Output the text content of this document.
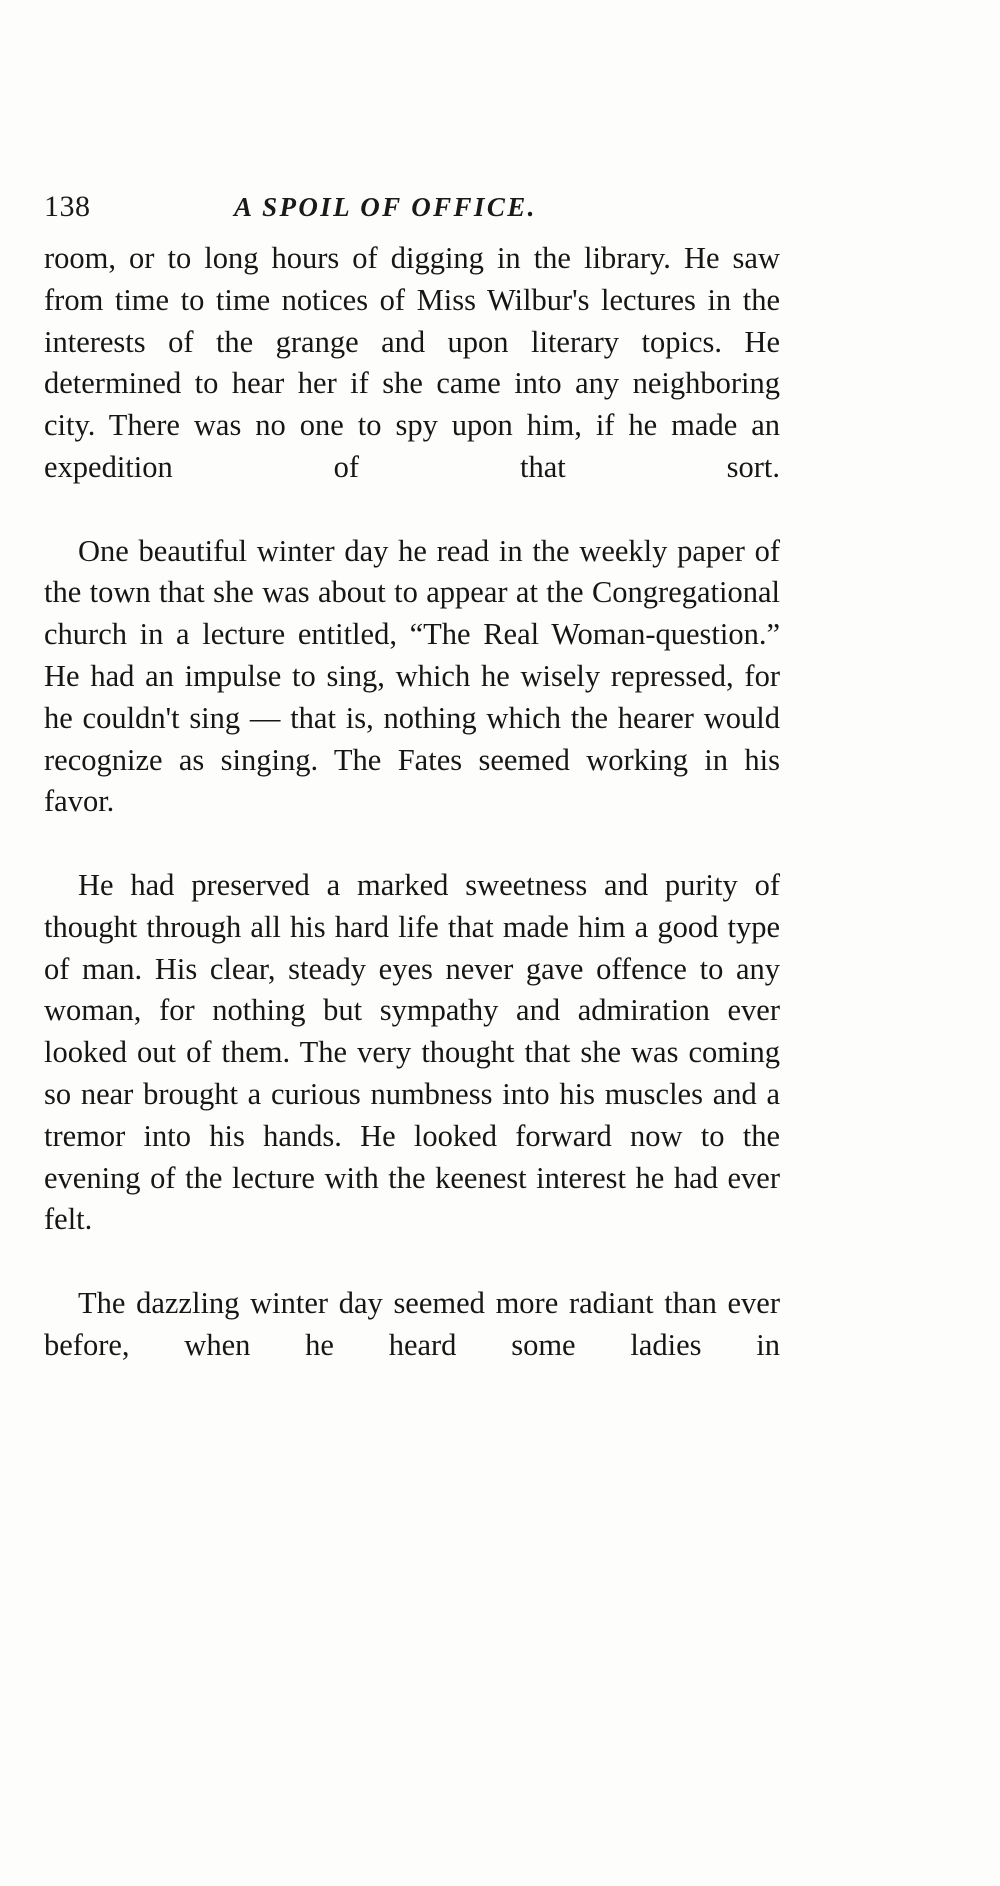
138	A SPOIL OF OFFICE.

room, or to long hours of digging in the library. He saw from time to time notices of Miss Wilbur's lectures in the interests of the grange and upon literary topics. He determined to hear her if she came into any neighboring city. There was no one to spy upon him, if he made an expedition of that sort.

One beautiful winter day he read in the weekly paper of the town that she was about to appear at the Congregational church in a lecture entitled, “The Real Woman-question.” He had an impulse to sing, which he wisely repressed, for he couldn't sing — that is, nothing which the hearer would recognize as singing. The Fates seemed working in his favor.

He had preserved a marked sweetness and purity of thought through all his hard life that made him a good type of man. His clear, steady eyes never gave offence to any woman, for nothing but sympathy and admiration ever looked out of them. The very thought that she was coming so near brought a curious numbness into his muscles and a tremor into his hands. He looked forward now to the evening of the lecture with the keenest interest he had ever felt.

The dazzling winter day seemed more radiant than ever before, when he heard some ladies in
